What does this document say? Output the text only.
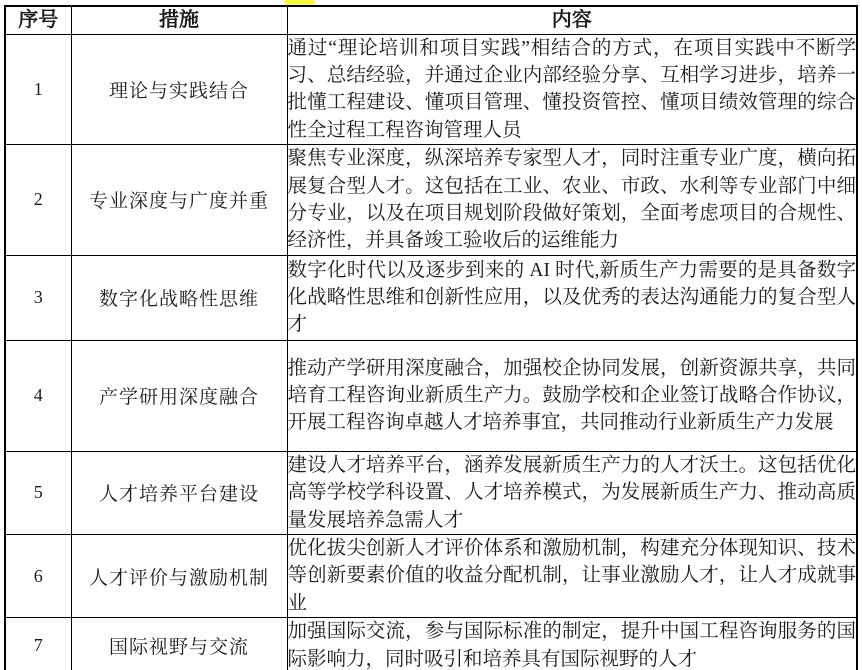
序号	措施	内容
1	理论与实践结合	通过“理论培训和项目实践”相结合的方式，在项目实践中不断学习、总结经验，并通过企业内部经验分享、互相学习进步，培养一批懂工程建设、懂项目管理、懂投资管控、懂项目绩效管理的综合性全过程工程咨询管理人员
2	专业深度与广度并重	聚焦专业深度，纵深培养专家型人才，同时注重专业广度，横向拓展复合型人才。这包括在工业、农业、市政、水利等专业部门中细分专业，以及在项目规划阶段做好策划，全面考虑项目的合规性、经济性，并具备竣工验收后的运维能力
3	数字化战略性思维	数字化时代以及逐步到来的 AI 时代,新质生产力需要的是具备数字化战略性思维和创新性应用，以及优秀的表达沟通能力的复合型人才
4	产学研用深度融合	推动产学研用深度融合，加强校企协同发展，创新资源共享，共同培育工程咨询业新质生产力。鼓励学校和企业签订战略合作协议，开展工程咨询卓越人才培养事宜，共同推动行业新质生产力发展
5	人才培养平台建设	建设人才培养平台，涵养发展新质生产力的人才沃土。这包括优化高等学校学科设置、人才培养模式，为发展新质生产力、推动高质量发展培养急需人才
6	人才评价与激励机制	优化拔尖创新人才评价体系和激励机制，构建充分体现知识、技术等创新要素价值的收益分配机制，让事业激励人才，让人才成就事业
7	国际视野与交流	加强国际交流，参与国际标准的制定，提升中国工程咨询服务的国际影响力，同时吸引和培养具有国际视野的人才
